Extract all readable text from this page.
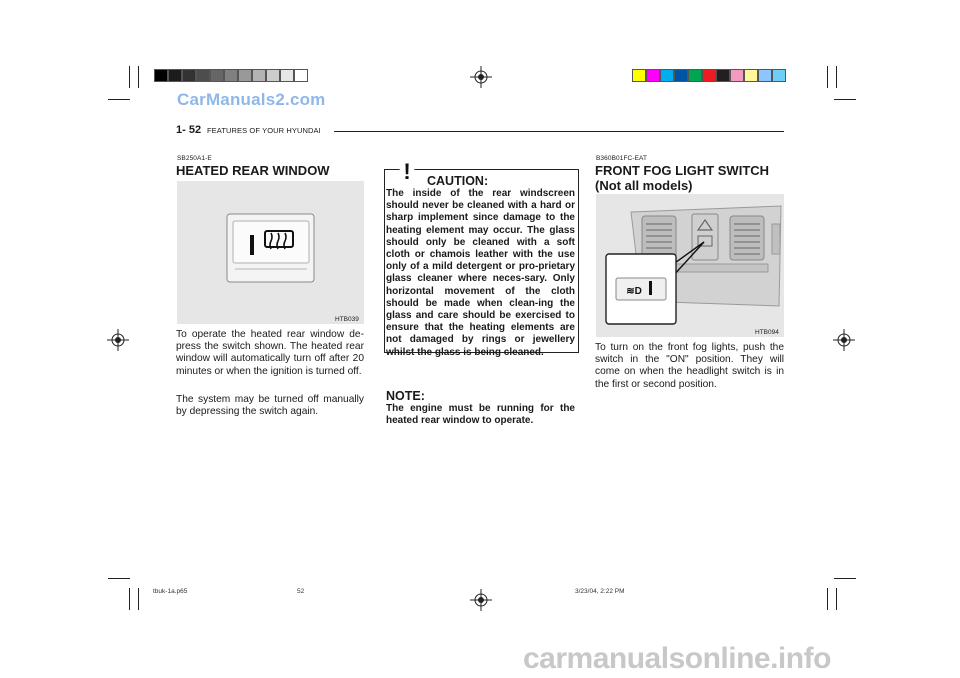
CarManuals2.com
carmanualsonline.info
1- 52 FEATURES OF YOUR HYUNDAI
SB250A1-E
HEATED REAR WINDOW
HTB039
To operate the heated rear window de-press the switch shown. The heated rear window will automatically turn off after 20 minutes or when the ignition is turned off.
The system may be turned off manually by depressing the switch again.
! CAUTION:
The inside of the rear windscreen should never be cleaned with a hard or sharp implement since damage to the heating element may occur. The glass should only be cleaned with a soft cloth or chamois leather with the use only of a mild detergent or pro-prietary glass cleaner where neces-sary. Only horizontal movement of the cloth should be made when clean-ing the glass and care should be exercised to ensure that the heating elements are not damaged by rings or jewellery whilst the glass is being cleaned.
NOTE:
The engine must be running for the heated rear window to operate.
B360B01FC-EAT
FRONT FOG LIGHT SWITCH
(Not all models)
≋D
HTB094
To turn on the front fog lights, push the switch in the "ON" position. They will come on when the headlight switch is in the first or second position.
tbuk-1a.p65	52	3/23/04, 2:22 PM
